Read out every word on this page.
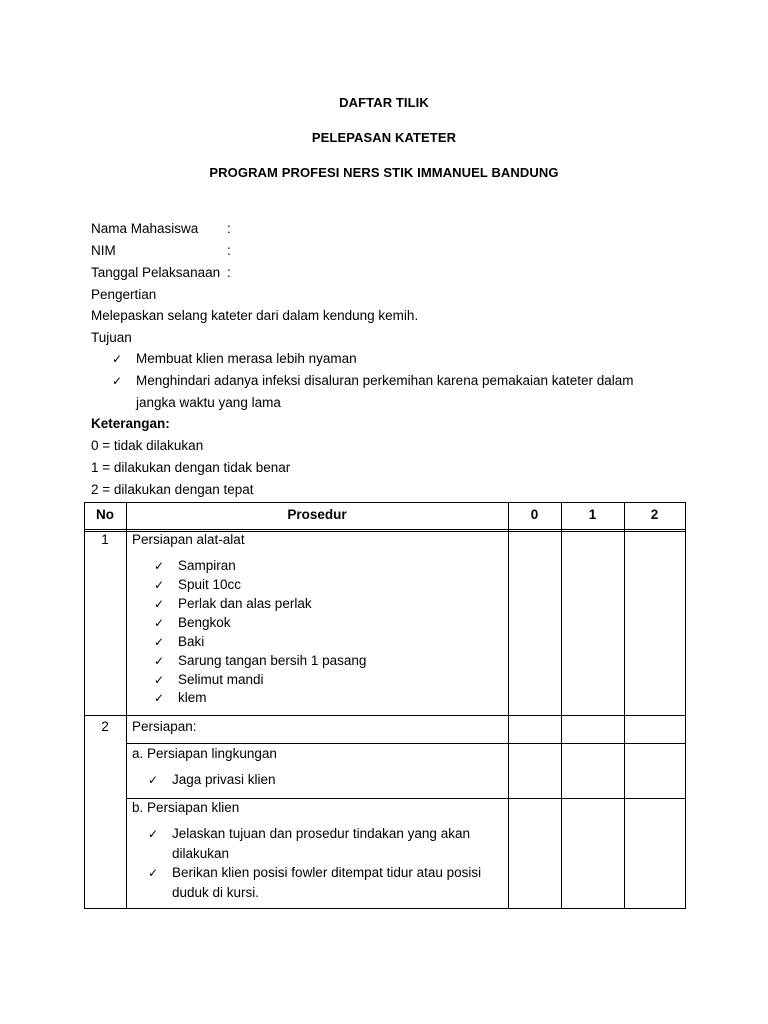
DAFTAR TILIK
PELEPASAN KATETER
PROGRAM PROFESI NERS STIK IMMANUEL BANDUNG
Nama Mahasiswa :
NIM	:
Tanggal Pelaksanaan :
Pengertian
Melepaskan selang kateter dari dalam kendung kemih.
Tujuan
✓ Membuat klien merasa lebih nyaman
✓ Menghindari adanya infeksi disaluran perkemihan karena pemakaian kateter dalam
jangka waktu yang lama
Keterangan:
0 = tidak dilakukan
1 = dilakukan dengan tidak benar
2 = dilakukan dengan tepat
No	Prosedur	0	1	2
1	Persiapan alat-alat
✓ Sampiran
✓ Spuit 10cc
✓ Perlak dan alas perlak
✓ Bengkok
✓ Baki
✓ Sarung tangan bersih 1 pasang
✓ Selimut mandi
✓ klem
2	Persiapan:
a. Persiapan lingkungan
✓ Jaga privasi klien
b. Persiapan klien
✓ Jelaskan tujuan dan prosedur tindakan yang akan
dilakukan
✓ Berikan klien posisi fowler ditempat tidur atau posisi
duduk di kursi.
